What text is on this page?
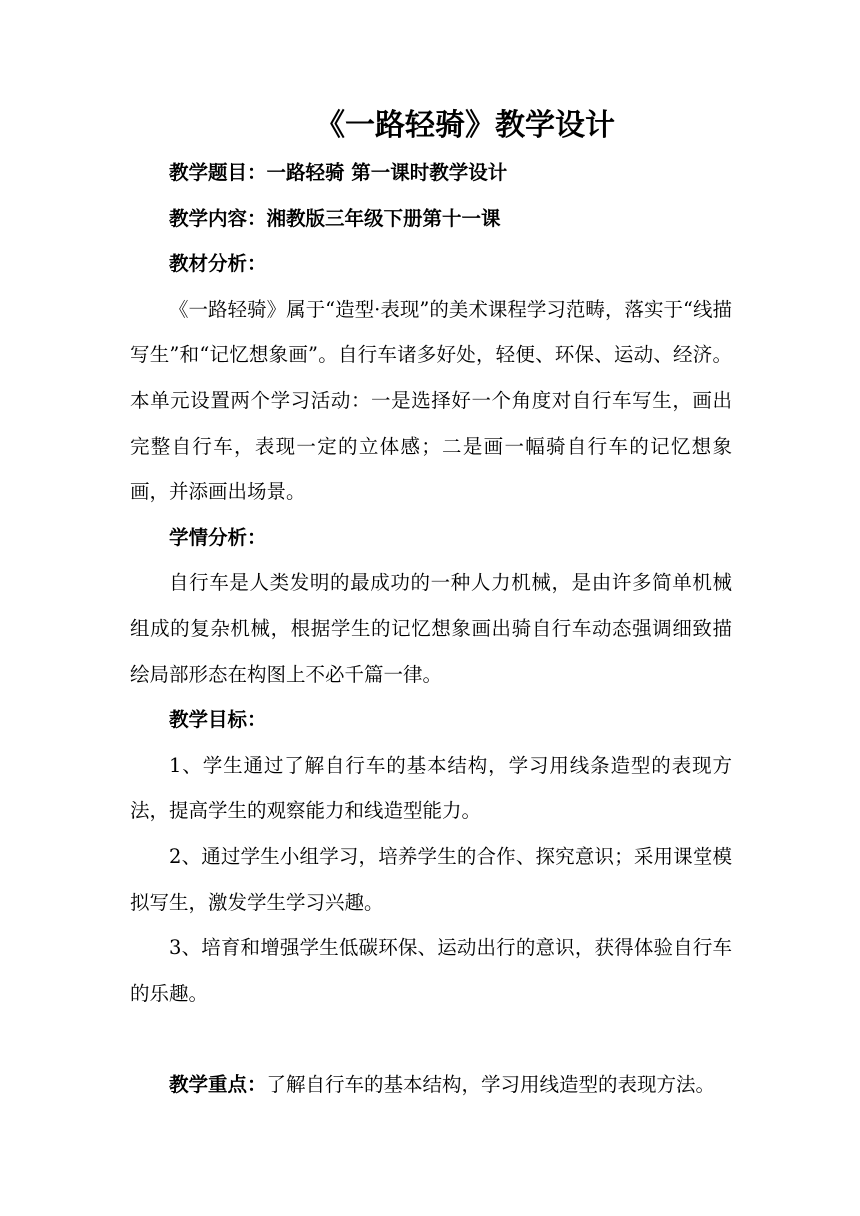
《一路轻骑》教学设计

教学题目：一路轻骑 第一课时教学设计

教学内容：湘教版三年级下册第十一课

教材分析：

《一路轻骑》属于“造型·表现”的美术课程学习范畴，落实于“线描写生”和“记忆想象画”。自行车诸多好处，轻便、环保、运动、经济。本单元设置两个学习活动：一是选择好一个角度对自行车写生，画出完整自行车，表现一定的立体感；二是画一幅骑自行车的记忆想象画，并添画出场景。

学情分析：

自行车是人类发明的最成功的一种人力机械，是由许多简单机械组成的复杂机械，根据学生的记忆想象画出骑自行车动态强调细致描绘局部形态在构图上不必千篇一律。

教学目标：

1、学生通过了解自行车的基本结构，学习用线条造型的表现方法，提高学生的观察能力和线造型能力。

2、通过学生小组学习，培养学生的合作、探究意识；采用课堂模拟写生，激发学生学习兴趣。

3、培育和增强学生低碳环保、运动出行的意识，获得体验自行车的乐趣。

教学重点：了解自行车的基本结构，学习用线造型的表现方法。
